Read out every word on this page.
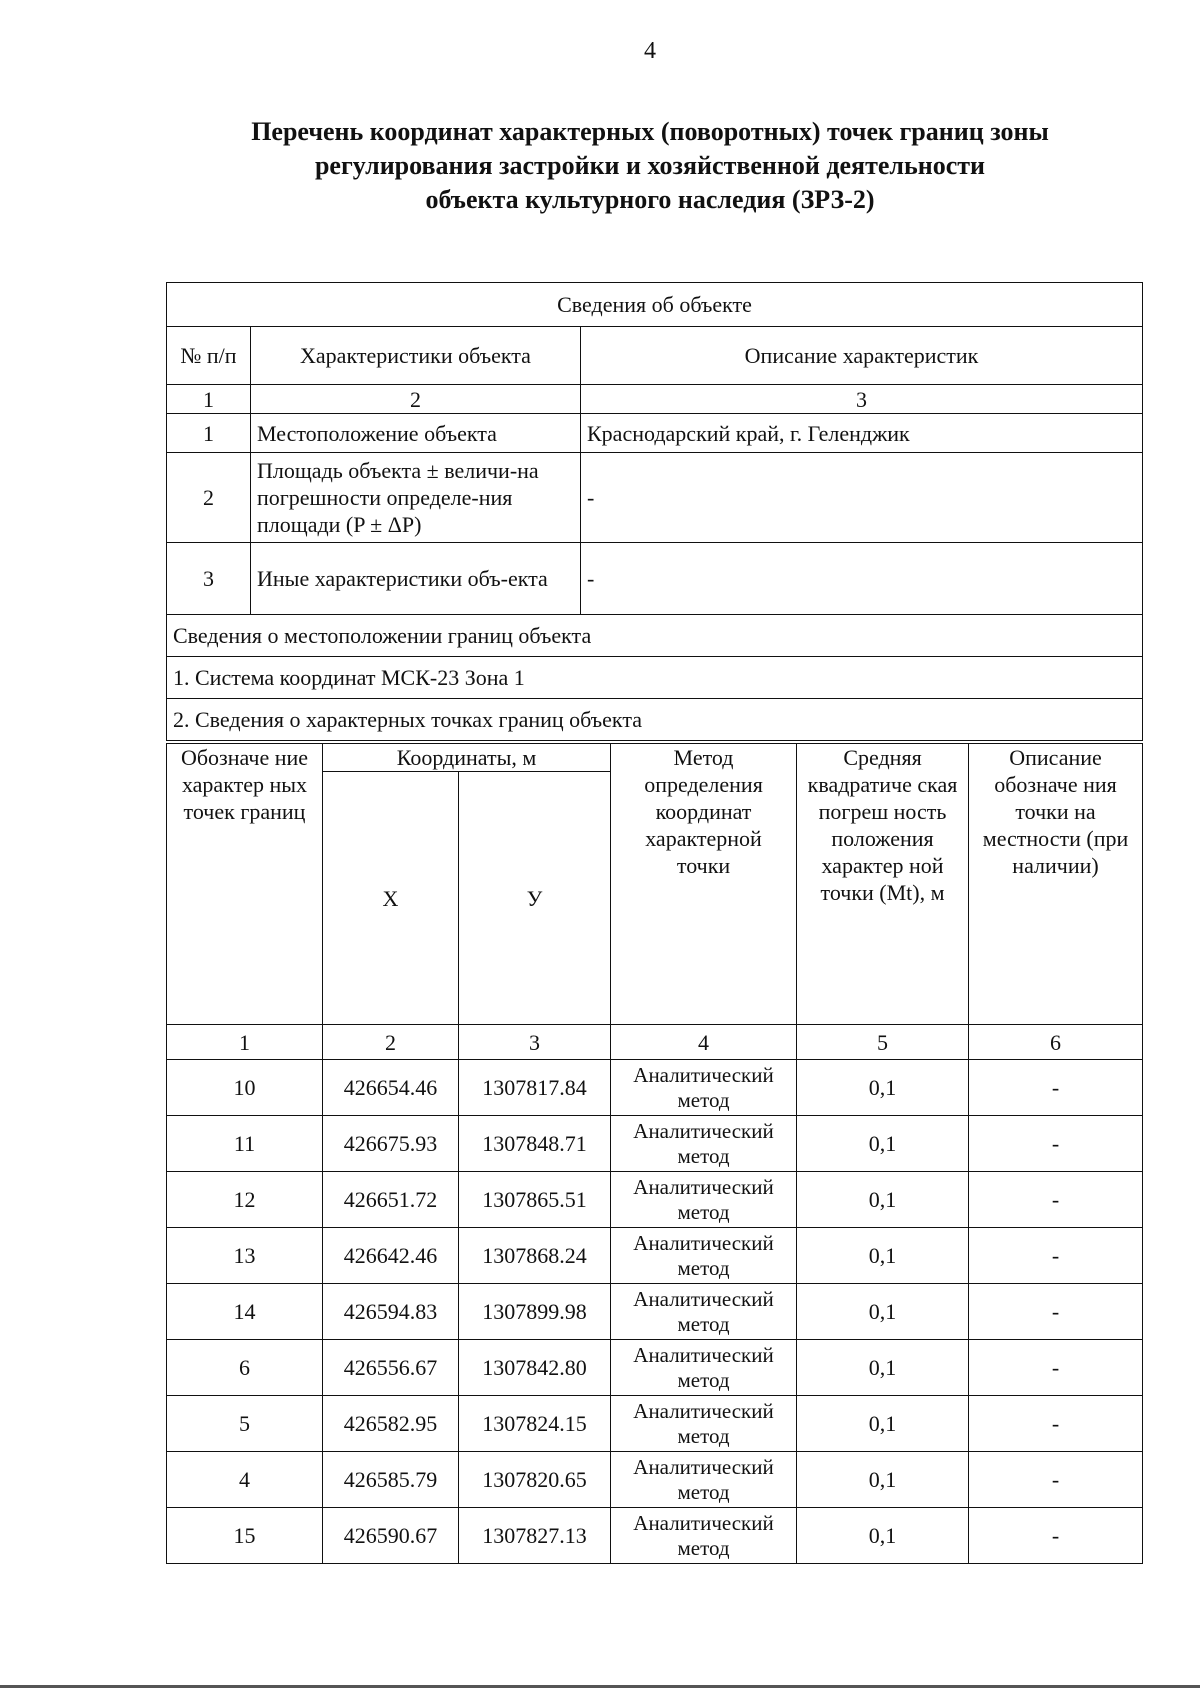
4
Перечень координат характерных (поворотных) точек границ зоны
регулирования застройки и хозяйственной деятельности
объекта культурного наследия (ЗРЗ-2)
Сведения об объекте		
№ п/п	Характеристики объекта	Описание характеристик
1	2	3
1	Местоположение объекта	Краснодарский край, г. Геленджик
2	Площадь объекта ± величи-на погрешности определе-ния площади (P ± ΔP)	-
3	Иные характеристики объ-екта	-
Сведения о местоположении границ объекта		
1. Система координат МСК-23 Зона 1		
2. Сведения о характерных точках границ объекта		
Обозначе ние характер ных точек границ	Координаты, м		Метод определения координат характерной точки	Средняя квадратиче ская погреш ность положения характер ной точки (Mt), м	Описание обозначе ния точки на местности (при наличии)
	X	У			
1	2	3	4	5	6
10	426654.46	1307817.84	Аналитический метод	0,1	-
11	426675.93	1307848.71	Аналитический метод	0,1	-
12	426651.72	1307865.51	Аналитический метод	0,1	-
13	426642.46	1307868.24	Аналитический метод	0,1	-
14	426594.83	1307899.98	Аналитический метод	0,1	-
6	426556.67	1307842.80	Аналитический метод	0,1	-
5	426582.95	1307824.15	Аналитический метод	0,1	-
4	426585.79	1307820.65	Аналитический метод	0,1	-
15	426590.67	1307827.13	Аналитический метод	0,1	-
